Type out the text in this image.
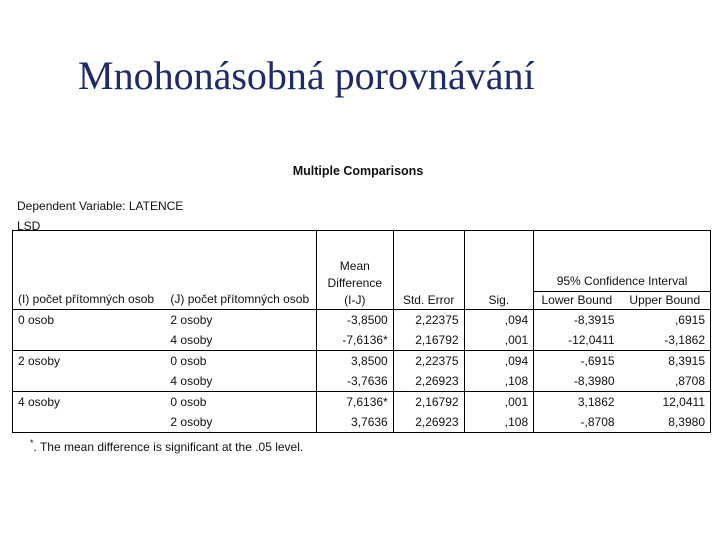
Mnohonásobná porovnávání
Multiple Comparisons
Dependent Variable: LATENCE
LSD
(I) počet přítomných osob	(J) počet přítomných osob	Mean
Difference
(I-J)	Std. Error	Sig.	95% Confidence Interval	
					Lower Bound	Upper Bound
0 osob	2 osoby	-3,8500	2,22375	,094	-8,3915	,6915
	4 osoby	-7,6136*	2,16792	,001	-12,0411	-3,1862
2 osoby	0 osob	3,8500	2,22375	,094	-,6915	8,3915
	4 osoby	-3,7636	2,26923	,108	-8,3980	,8708
4 osoby	0 osob	7,6136*	2,16792	,001	3,1862	12,0411
	2 osoby	3,7636	2,26923	,108	-,8708	8,3980
*. The mean difference is significant at the .05 level.
